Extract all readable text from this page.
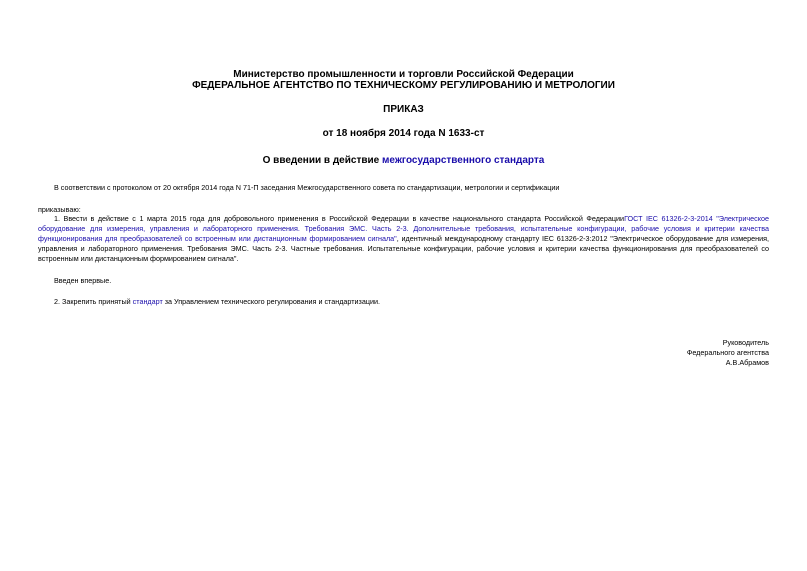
Министерство промышленности и торговли Российской Федерации
ФЕДЕРАЛЬНОЕ АГЕНТСТВО ПО ТЕХНИЧЕСКОМУ РЕГУЛИРОВАНИЮ И МЕТРОЛОГИИ
ПРИКАЗ
от 18 ноября 2014 года N 1633-ст
О введении в действие межгосударственного стандарта
В соответствии с протоколом от 20 октября 2014 года N 71-П заседания Межгосударственного совета по стандартизации, метрологии и сертификации
приказываю:
1. Ввести в действие с 1 марта 2015 года для добровольного применения в Российской Федерации в качестве национального стандарта Российской ФедерацииГОСТ IEC 61326-2-3-2014 "Электрическое оборудование для измерения, управления и лабораторного применения. Требования ЭМС. Часть 2-3. Дополнительные требования, испытательные конфигурации, рабочие условия и критерии качества функционирования для преобразователей со встроенным или дистанционным формированием сигнала", идентичный международному стандарту IEC 61326-2-3:2012 "Электрическое оборудование для измерения, управления и лабораторного применения. Требования ЭМС. Часть 2-3. Частные требования. Испытательные конфигурации, рабочие условия и критерии качества функционирования для преобразователей со встроенным или дистанционным формированием сигнала".
Введен впервые.
2. Закрепить принятый стандарт за Управлением технического регулирования и стандартизации.
Руководитель
Федерального агентства
А.В.Абрамов
